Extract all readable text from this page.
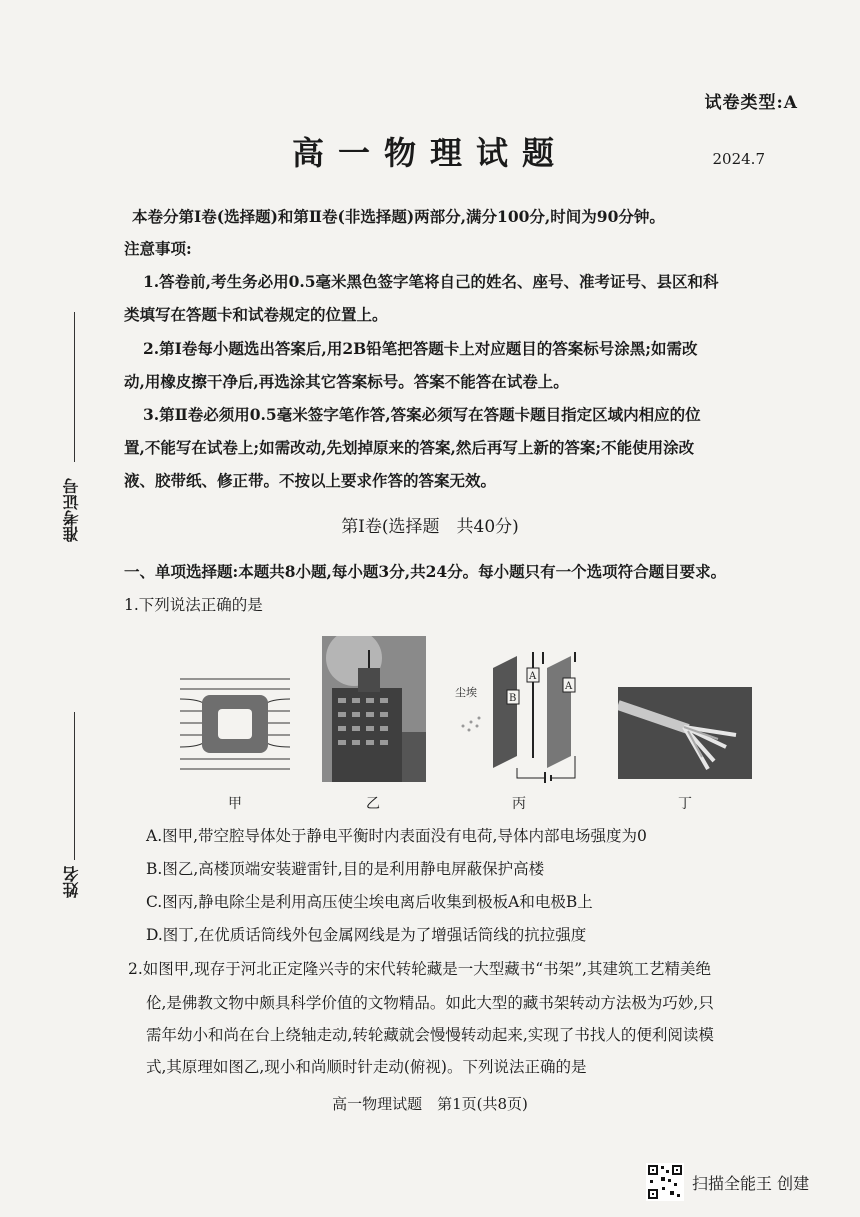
试卷类型:A
高一物理试题	2024.7
准考证号
姓名
本卷分第Ⅰ卷(选择题)和第Ⅱ卷(非选择题)两部分,满分100分,时间为90分钟。
注意事项:
1.答卷前,考生务必用0.5毫米黑色签字笔将自己的姓名、座号、准考证号、县区和科
类填写在答题卡和试卷规定的位置上。
2.第Ⅰ卷每小题选出答案后,用2B铅笔把答题卡上对应题目的答案标号涂黑;如需改
动,用橡皮擦干净后,再选涂其它答案标号。答案不能答在试卷上。
3.第Ⅱ卷必须用0.5毫米签字笔作答,答案必须写在答题卡题目指定区域内相应的位
置,不能写在试卷上;如需改动,先划掉原来的答案,然后再写上新的答案;不能使用涂改
液、胶带纸、修正带。不按以上要求作答的答案无效。
第Ⅰ卷(选择题　共40分)
一、单项选择题:本题共8小题,每小题3分,共24分。每小题只有一个选项符合题目要求。
1.下列说法正确的是
甲	乙
尘埃	B
A
A
丙	丁
A.图甲,带空腔导体处于静电平衡时内表面没有电荷,导体内部电场强度为0
B.图乙,高楼顶端安装避雷针,目的是利用静电屏蔽保护高楼
C.图丙,静电除尘是利用高压使尘埃电离后收集到极板A和电极B上
D.图丁,在优质话筒线外包金属网线是为了增强话筒线的抗拉强度
2.如图甲,现存于河北正定隆兴寺的宋代转轮藏是一大型藏书“书架”,其建筑工艺精美绝
伦,是佛教文物中颇具科学价值的文物精品。如此大型的藏书架转动方法极为巧妙,只
需年幼小和尚在台上绕轴走动,转轮藏就会慢慢转动起来,实现了书找人的便利阅读模
式,其原理如图乙,现小和尚顺时针走动(俯视)。下列说法正确的是
高一物理试题　第1页(共8页)
扫描全能王 创建
